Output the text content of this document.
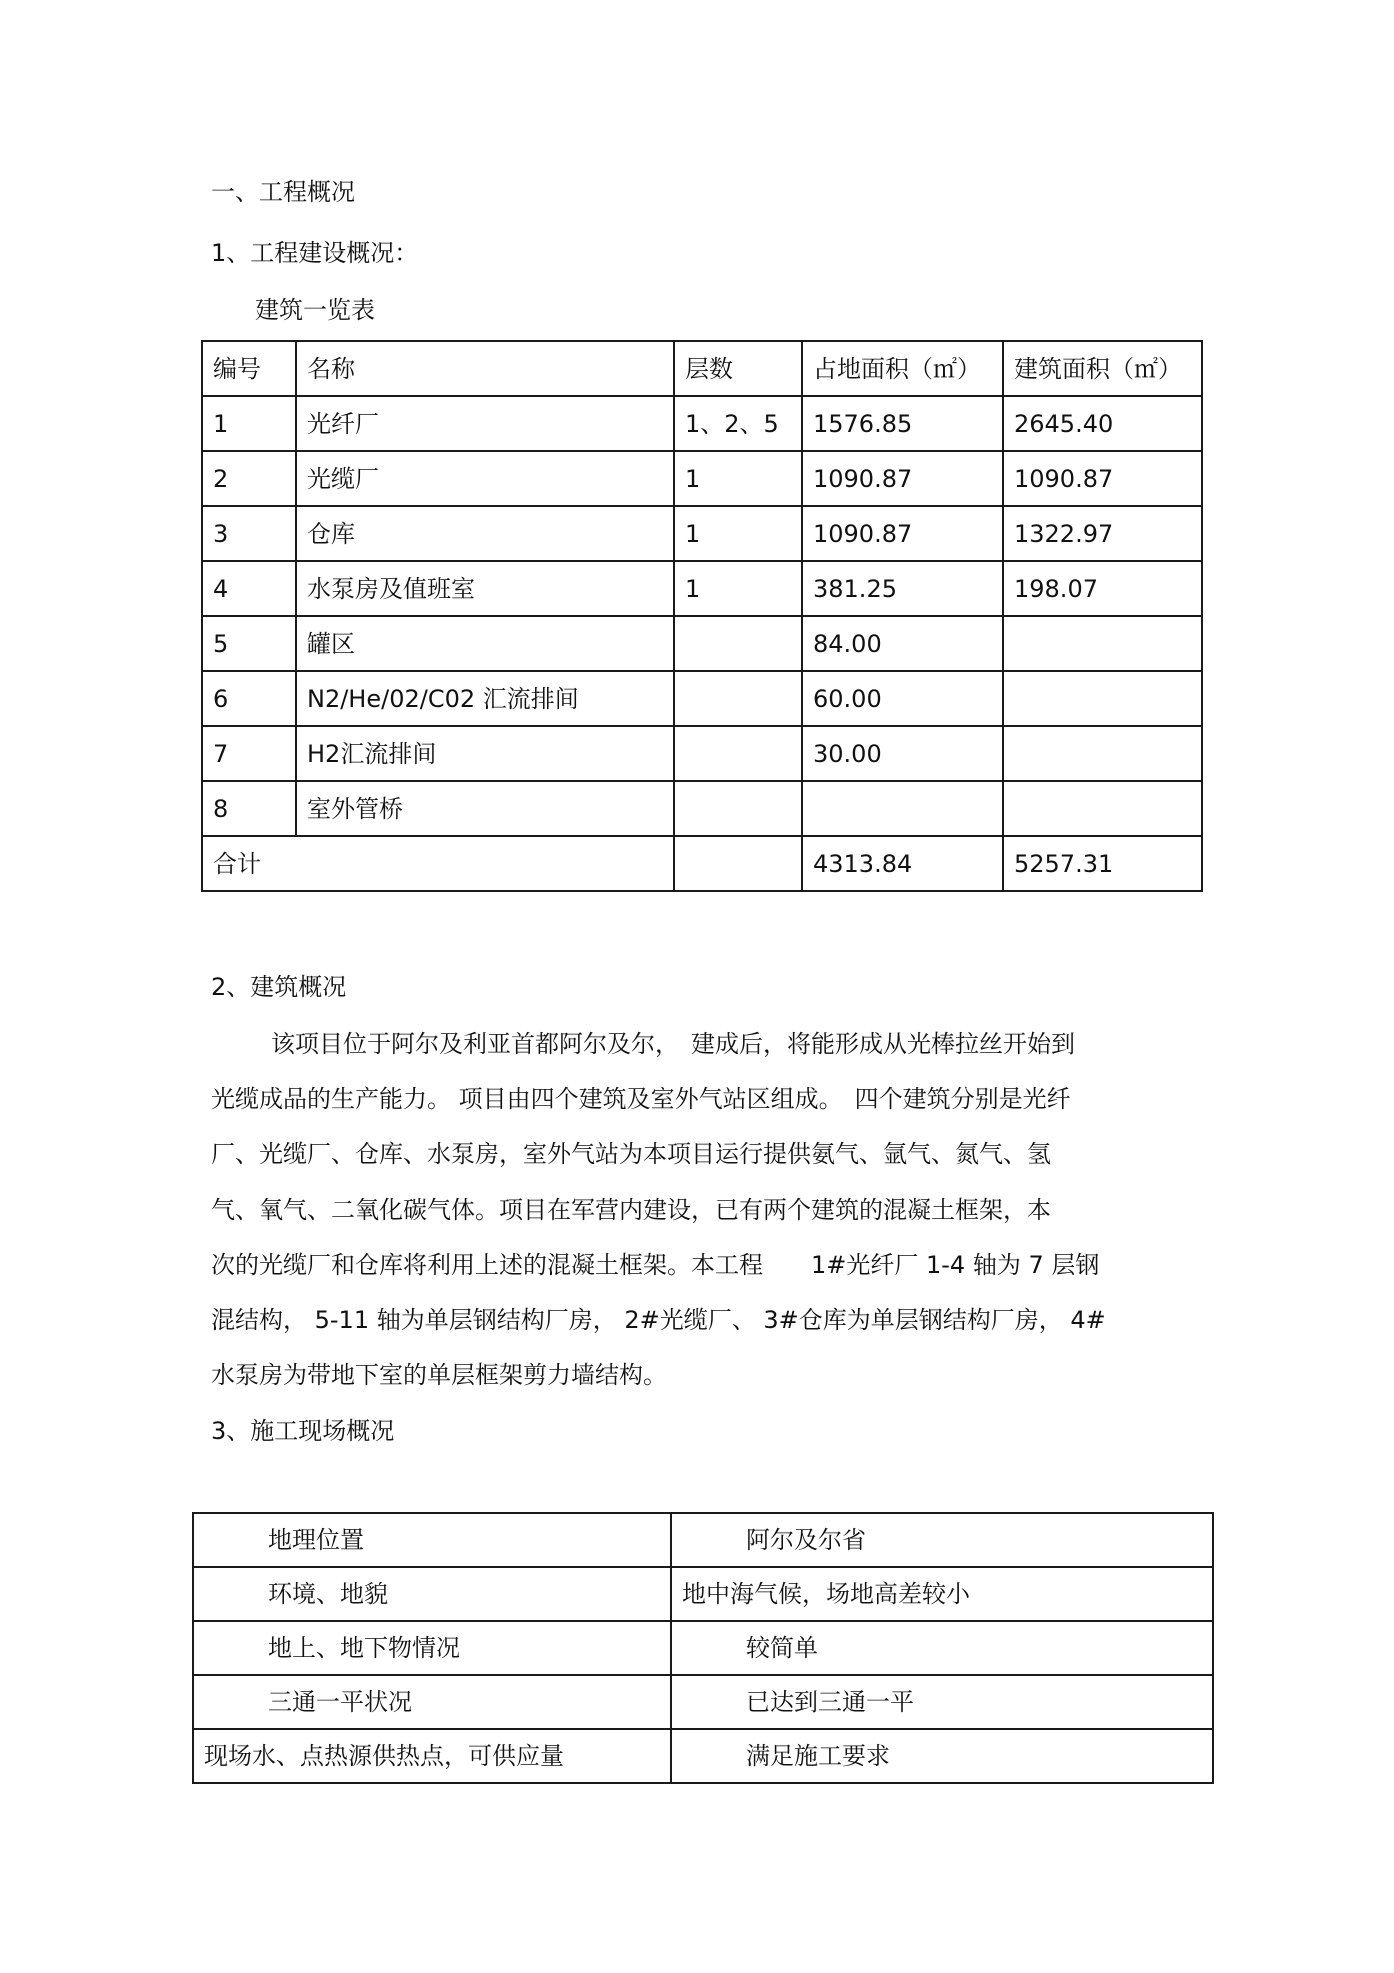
一、工程概况
1、工程建设概况：
建筑一览表
编号	名称	层数	占地面积（㎡）	建筑面积（㎡）
1	光纤厂	1、2、5	1576.85	2645.40
2	光缆厂	1	1090.87	1090.87
3	仓库	1	1090.87	1322.97
4	水泵房及值班室	1	381.25	198.07
5	罐区		84.00	
6	N2/He/02/C02 汇流排间		60.00	
7	H2汇流排间		30.00	
8	室外管桥			
合计			4313.84	5257.31
2、建筑概况
该项目位于阿尔及利亚首都阿尔及尔，　建成后，将能形成从光棒拉丝开始到
光缆成品的生产能力。 项目由四个建筑及室外气站区组成。　四个建筑分别是光纤
厂、光缆厂、仓库、水泵房，室外气站为本项目运行提供氨气、氩气、氮气、氢
气、氧气、二氧化碳气体。项目在军营内建设，已有两个建筑的混凝土框架，本
次的光缆厂和仓库将利用上述的混凝土框架。本工程　　1#光纤厂 1-4 轴为 7 层钢
混结构， 5-11 轴为单层钢结构厂房， 2#光缆厂、 3#仓库为单层钢结构厂房， 4#
水泵房为带地下室的单层框架剪力墙结构。
3、施工现场概况
地理位置	阿尔及尔省
环境、地貌	地中海气候，场地高差较小
地上、地下物情况	较简单
三通一平状况	已达到三通一平
现场水、点热源供热点，可供应量	满足施工要求
